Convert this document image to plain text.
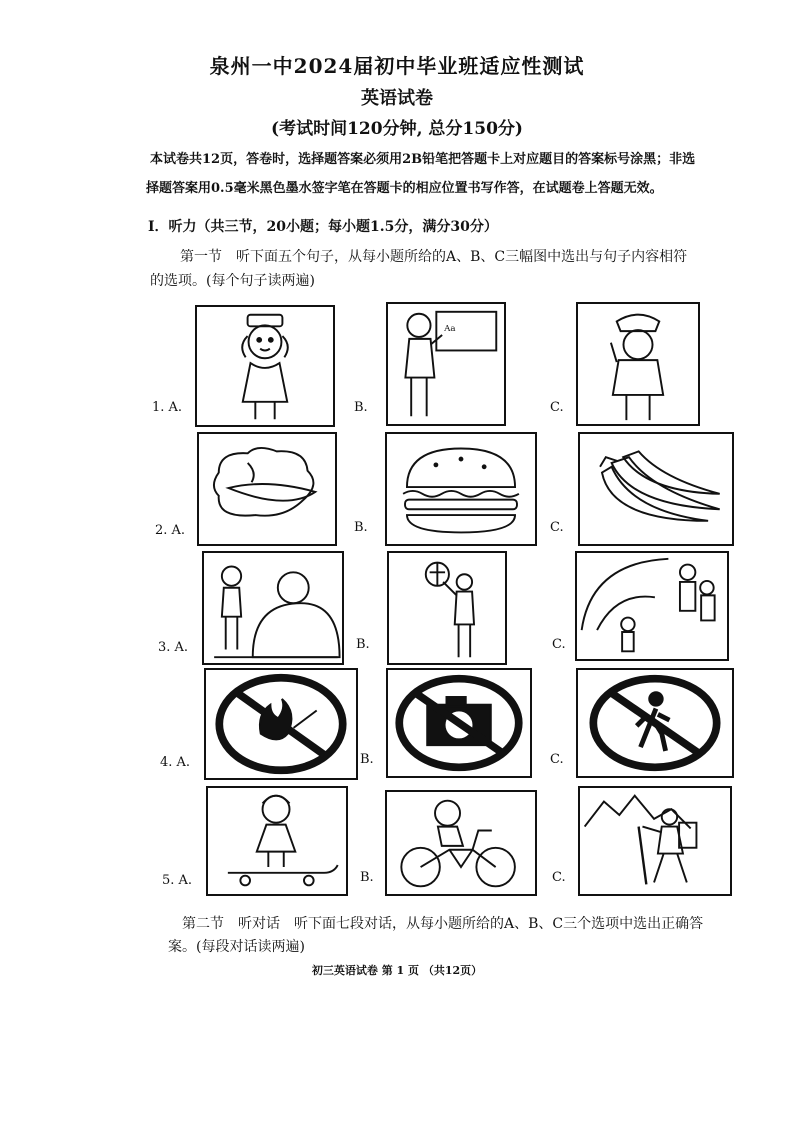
泉州一中2024届初中毕业班适应性测试
英语试卷
(考试时间120分钟, 总分150分)
本试卷共12页，答卷时，选择题答案必须用2B铅笔把答题卡上对应题目的答案标号涂黑；非选
择题答案用0.5毫米黑色墨水签字笔在答题卡的相应位置书写作答，在试题卷上答题无效。
I．听力（共三节，20小题；每小题1.5分，满分30分）
第一节　听下面五个句子，从每小题所给的A、B、C三幅图中选出与句子内容相符
的选项。(每个句子读两遍)
1. A.	B.
Aa
C.
2. A.	B.	C.
3. A.	B.	C.
4. A.	B.	C.
5. A.	B.	C.
第二节　听对话　听下面七段对话，从每小题所给的A、B、C三个选项中选出正确答
案。(每段对话读两遍)
初三英语试卷 第 1 页 （共12页）
